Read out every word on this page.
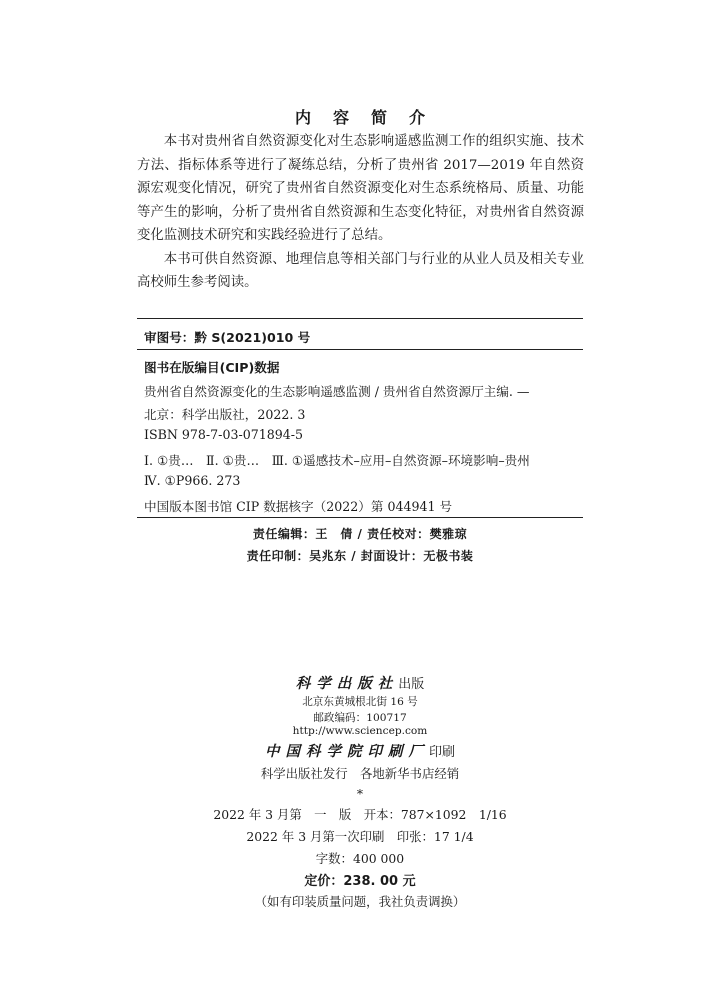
内容简介

本书对贵州省自然资源变化对生态影响遥感监测工作的组织实施、技术方法、指标体系等进行了凝练总结，分析了贵州省 2017—2019 年自然资源宏观变化情况，研究了贵州省自然资源变化对生态系统格局、质量、功能等产生的影响，分析了贵州省自然资源和生态变化特征，对贵州省自然资源变化监测技术研究和实践经验进行了总结。

本书可供自然资源、地理信息等相关部门与行业的从业人员及相关专业高校师生参考阅读。

审图号：黔 S(2021)010 号
图书在版编目(CIP)数据
贵州省自然资源变化的生态影响遥感监测 / 贵州省自然资源厅主编. —
北京：科学出版社，2022. 3
ISBN 978-7-03-071894-5
Ⅰ. ①贵…　Ⅱ. ①贵…　Ⅲ. ①遥感技术–应用–自然资源–环境影响–贵州
Ⅳ. ①P966. 273
中国版本图书馆 CIP 数据核字（2022）第 044941 号
责任编辑：王　倩 / 责任校对：樊雅琼
责任印制：吴兆东 / 封面设计：无极书装
科学出版社出版
北京东黄城根北街 16 号
邮政编码：100717
http://www.sciencep.com
中国科学院印刷厂印刷
科学出版社发行　各地新华书店经销
*
2022 年 3 月第　一　版　开本：787×1092　1/16
2022 年 3 月第一次印刷　印张：17 1/4
字数：400 000
定价：238. 00 元
（如有印装质量问题，我社负责调换）
